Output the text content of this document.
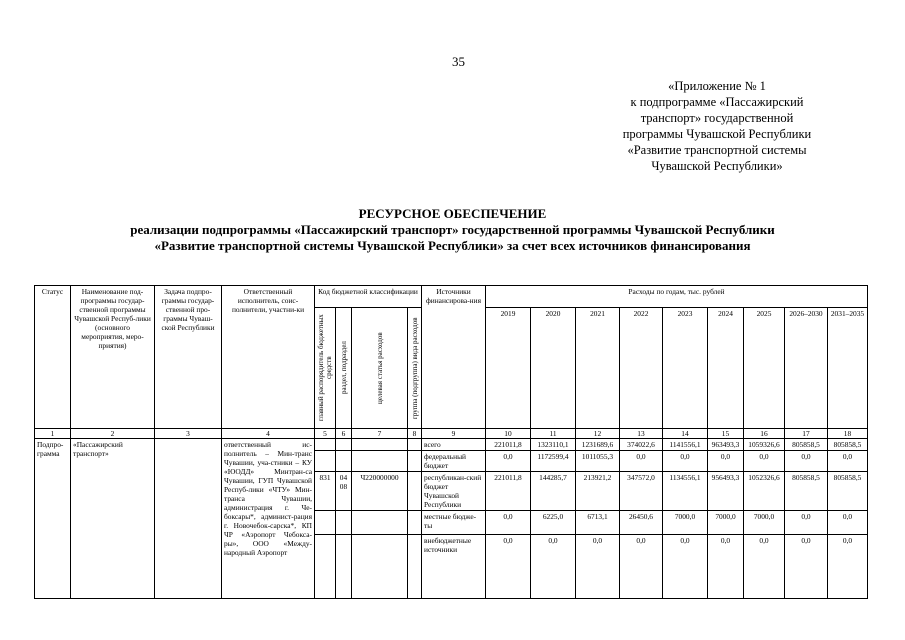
35
«Приложение № 1
к подпрограмме «Пассажирский
транспорт» государственной
программы Чувашской Республики
«Развитие транспортной системы
Чувашской Республики»
РЕСУРСНОЕ ОБЕСПЕЧЕНИЕ
реализации подпрограммы «Пассажирский транспорт» государственной программы Чувашской Республики
«Развитие транспортной системы Чувашской Республики» за счет всех источников финансирования
Статус	Наименование под-программы государ-ственной программы Чувашской Респуб-лики (основного мероприятия, меро-приятия)	Задача подпро-граммы государ-ственной про-граммы Чуваш-ской Республики	Ответственный исполнитель, соис-полнители, участни-ки	Код бюджетной классификации				Источники финансирова-ния	Расходы по годам, тыс. рублей								

				главный распорядитель бюджетных средств	раздел, подраздел	целевая статья расходов	группа (подгруппа) вида расходов		2019	2020	2021	2022	2023	2024	2025	2026–2030	2031–2035
1	2	3	4	5	6	7	8	9	10	11	12	13	14	15	16	17	18
Подпро-грамма	«Пассажирский транспорт»		ответственный ис-полнитель – Мин-транс Чувашии, уча-стники – КУ «ЮОДД» Минтран-са Чувашии, ГУП Чувашской Респуб-лики «ЧТУ» Мин-транса Чувашии, администрация г. Че-боксары*, админист-рация г. Новочебок-сарска*, КП ЧР «Аэропорт Чебокса-ры», ООО «Между-народный Аэропорт					всего	221011,8	1323110,1	1231689,6	374022,6	1141556,1	963493,3	1059326,6	805858,5	805858,5
								федеральный бюджет	0,0	1172599,4	1011055,3	0,0	0,0	0,0	0,0	0,0	0,0
				831	04 08	Ч220000000		республикан-ский бюджет Чувашской Республики	221011,8	144285,7	213921,2	347572,0	1134556,1	956493,3	1052326,6	805858,5	805858,5
								местные бюдже-ты	0,0	6225,0	6713,1	26450,6	7000,0	7000,0	7000,0	0,0	0,0
								внебюджетные источники	0,0	0,0	0,0	0,0	0,0	0,0	0,0	0,0	0,0
